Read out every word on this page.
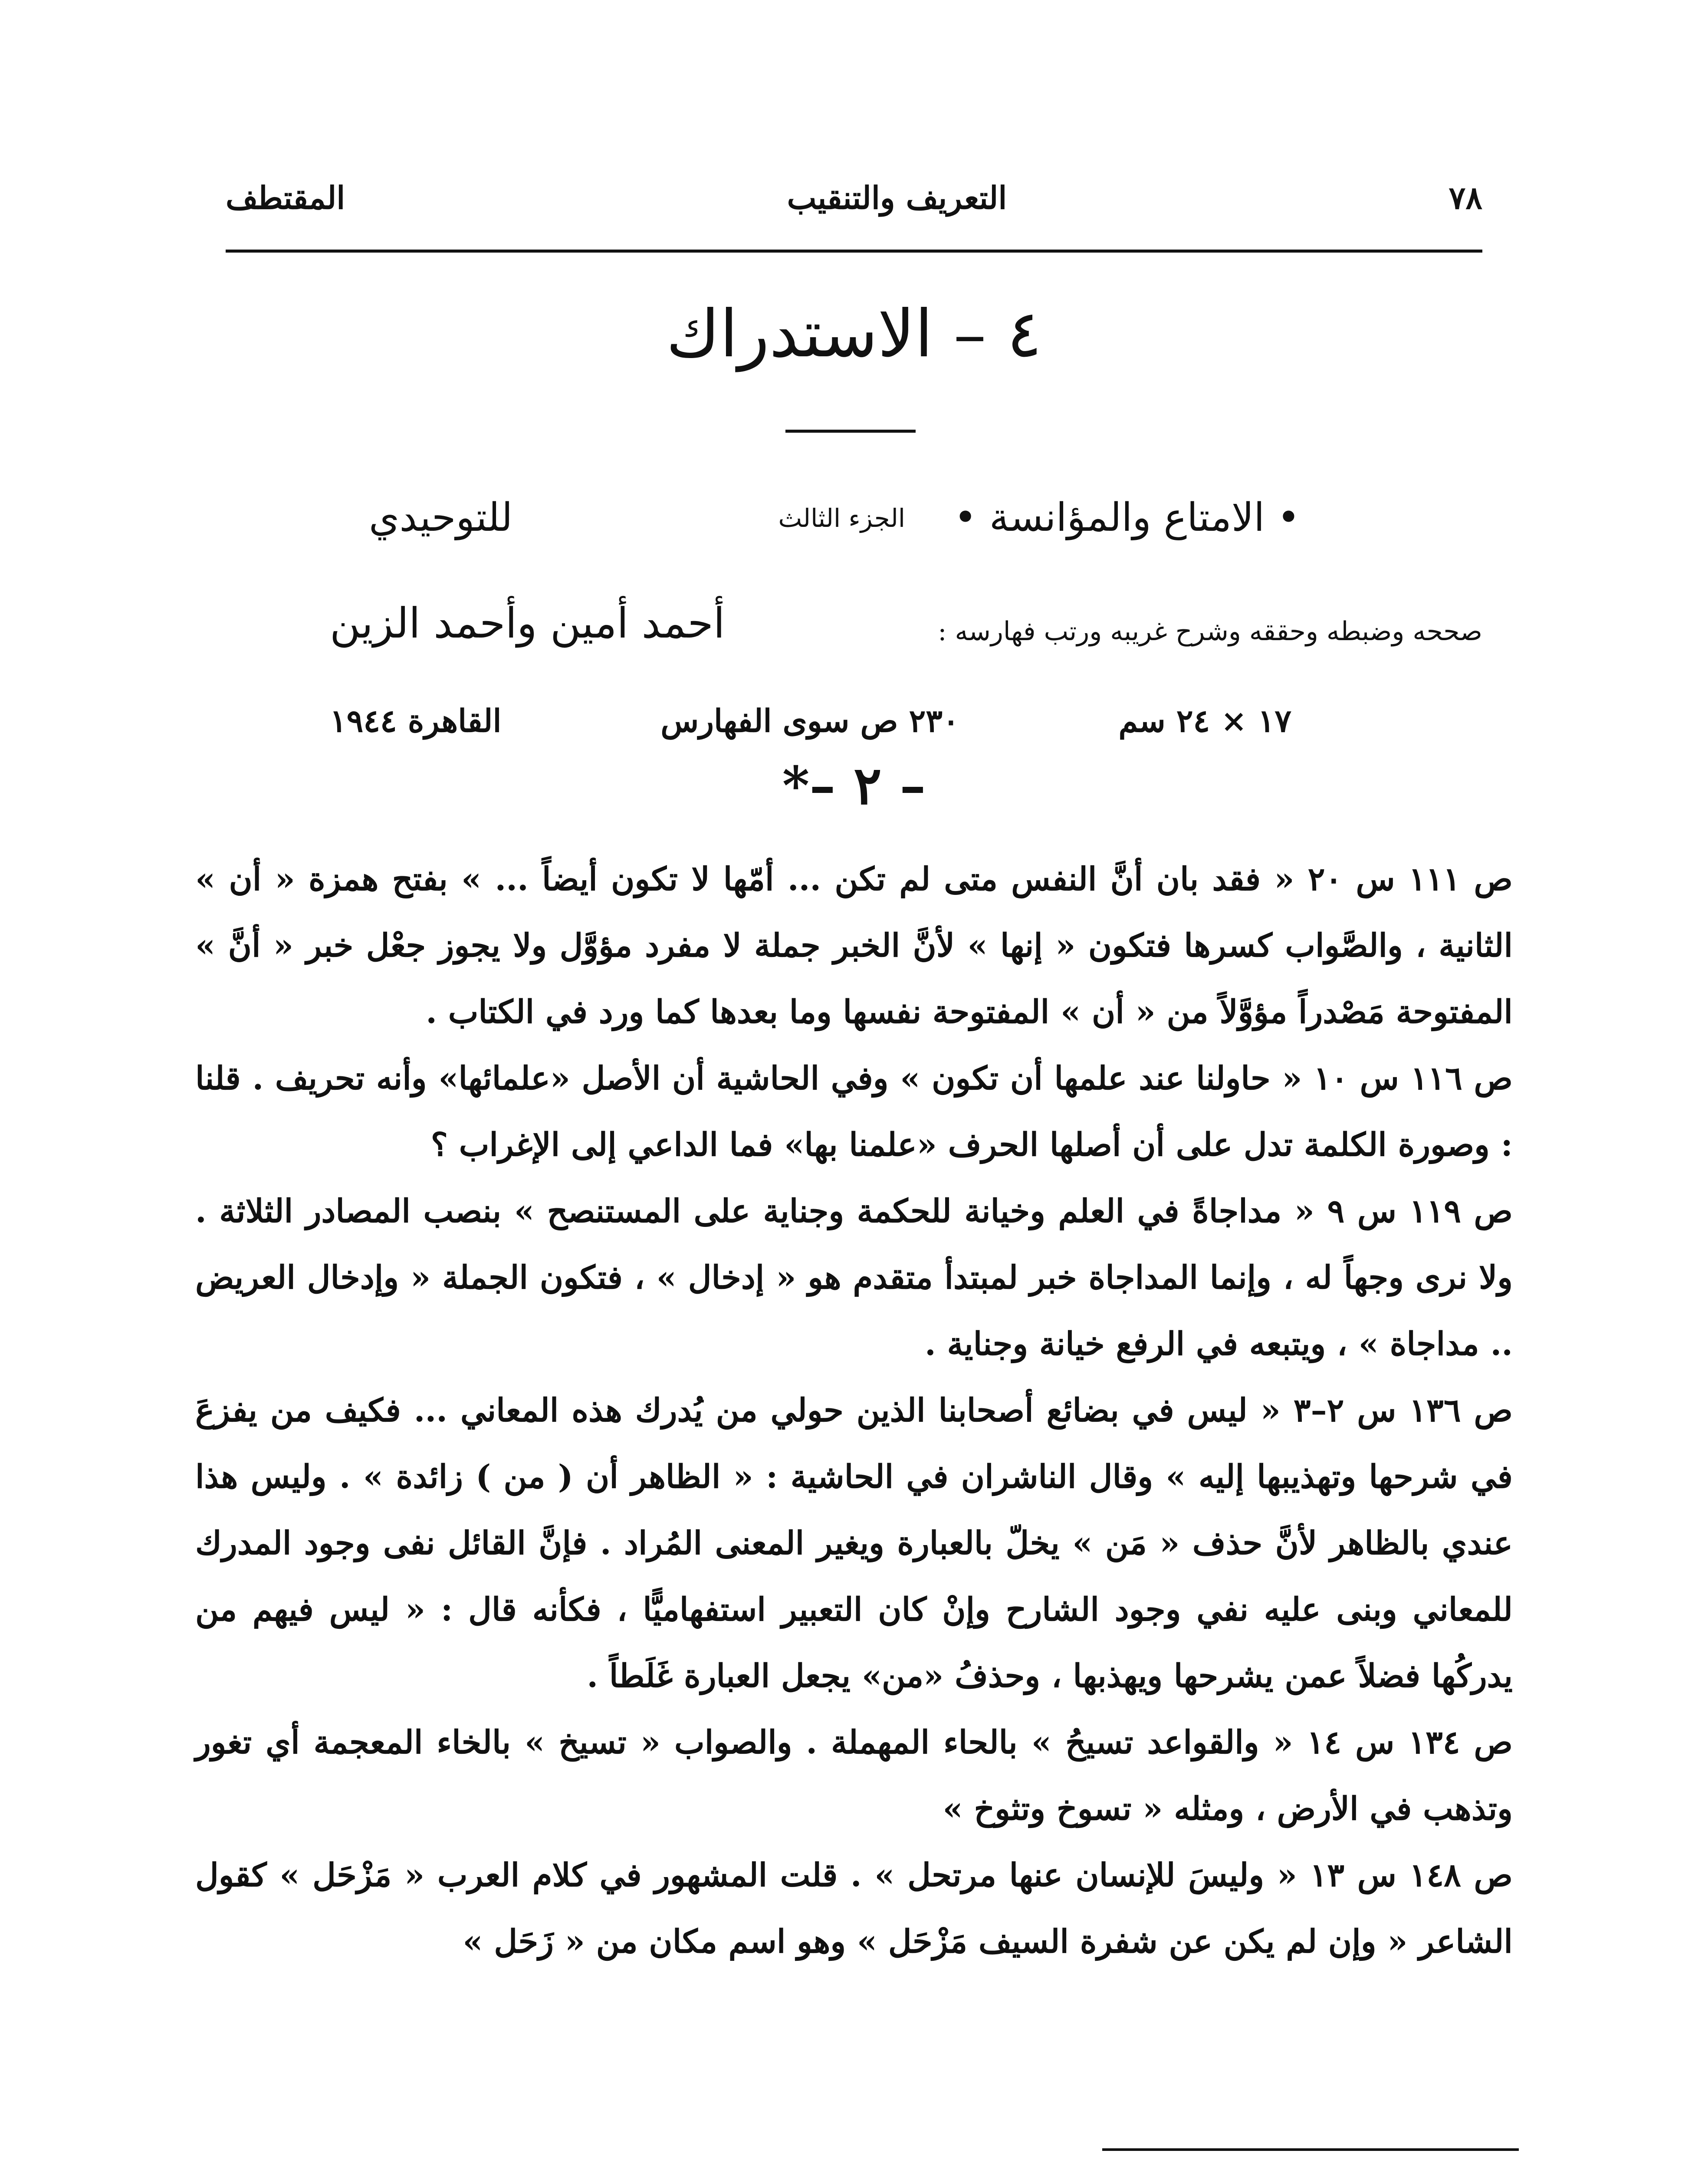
٧٨
التعريف والتنقيب
المقتطف
٤ – الاستدراك
• الامتاع والمؤانسة •
الجزء الثالث
للتوحيدي
صححه وضبطه وحققه وشرح غريبه ورتب فهارسه :
أحمد أمين وأحمد الزين
١٧ × ٢٤ سم
٢٣٠ ص سوى الفهارس
القاهرة ١٩٤٤
– ٢ –*

ص ١١١ س ٢٠ « فقد بان أنَّ النفس متى لم تكن ... أمّها لا تكون أيضاً ... » بفتح همزة « أن » الثانية ، والصَّواب كسرها فتكون « إنها » لأنَّ الخبر جملة لا مفرد مؤوَّل ولا يجوز جعْل خبر « أنَّ » المفتوحة مَصْدراً مؤوَّلاً من « أن » المفتوحة نفسها وما بعدها كما ورد في الكتاب .

ص ١١٦ س ١٠ « حاولنا عند علمها أن تكون » وفي الحاشية أن الأصل «علمائها» وأنه تحريف . قلنا : وصورة الكلمة تدل على أن أصلها الحرف «علمنا بها» فما الداعي إلى الإغراب ؟

ص ١١٩ س ٩ « مداجاةً في العلم وخيانة للحكمة وجناية على المستنصح » بنصب المصادر الثلاثة . ولا نرى وجهاً له ، وإنما المداجاة خبر لمبتدأ متقدم هو « إدخال » ، فتكون الجملة « وإدخال العريض .. مداجاة » ، ويتبعه في الرفع خيانة وجناية .

ص ١٣٦ س ٢–٣ « ليس في بضائع أصحابنا الذين حولي من يُدرك هذه المعاني ... فكيف من يفزعَ في شرحها وتهذيبها إليه » وقال الناشران في الحاشية : « الظاهر أن ( من ) زائدة » . وليس هذا عندي بالظاهر لأنَّ حذف « مَن » يخلّ بالعبارة ويغير المعنى المُراد . فإنَّ القائل نفى وجود المدرك للمعاني وبنى عليه نفي وجود الشارح وإنْ كان التعبير استفهاميًّا ، فكأنه قال : « ليس فيهم من يدركُها فضلاً عمن يشرحها ويهذبها ، وحذفُ «من» يجعل العبارة غَلَطاً .

ص ١٣٤ س ١٤ « والقواعد تسيحُ » بالحاء المهملة . والصواب « تسيخ » بالخاء المعجمة أي تغور وتذهب في الأرض ، ومثله « تسوخ وتثوخ »

ص ١٤٨ س ١٣ « وليسَ للإنسان عنها مرتحل » . قلت المشهور في كلام العرب « مَزْحَل » كقول الشاعر « وإن لم يكن عن شفرة السيف مَزْحَل » وهو اسم مكان من « زَحَل »
